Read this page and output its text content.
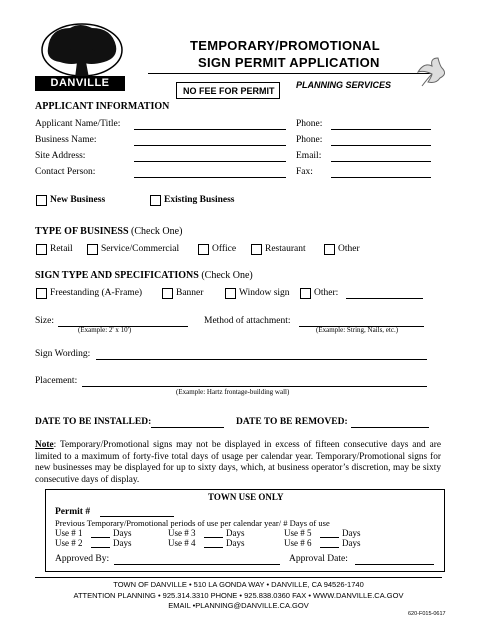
DANVILLE
TEMPORARY/PROMOTIONAL
SIGN PERMIT APPLICATION
NO FEE FOR PERMIT
PLANNING SERVICES
APPLICANT INFORMATION
Applicant Name/Title:	Phone:
Business Name:	Phone:
Site Address:	Email:
Contact Person:	Fax:
New Business	Existing Business
TYPE OF BUSINESS (Check One)
Retail	Service/Commercial	Office	Restaurant	Other
SIGN TYPE AND SPECIFICATIONS (Check One)
Freestanding (A-Frame)	Banner	Window sign	Other:
Size:
(Example: 2' x 10')
Method of attachment:
(Example: String, Nails, etc.)
Sign Wording:
Placement:
(Example: Hartz frontage-building wall)
DATE TO BE INSTALLED:	DATE TO BE REMOVED:
Note: Temporary/Promotional signs may not be displayed in excess of fifteen consecutive days and are limited to a maximum of forty-five total days of usage per calendar year. Temporary/Promotional signs for new businesses may be displayed for up to sixty days, which, at business operator’s discretion, may be sixty consecutive days of display.
TOWN USE ONLY
Permit #
Previous Temporary/Promotional periods of use per calendar year/ # Days of use
Use # 1	Days	Use # 3	Days	Use # 5	Days
Use # 2	Days	Use # 4	Days	Use # 6	Days
Approved By:	Approval Date:
TOWN OF DANVILLE • 510 LA GONDA WAY • DANVILLE, CA 94526-1740
ATTENTION PLANNING • 925.314.3310 PHONE • 925.838.0360 FAX • WWW.DANVILLE.CA.GOV
EMAIL •PLANNING@DANVILLE.CA.GOV
620-F015-0617
